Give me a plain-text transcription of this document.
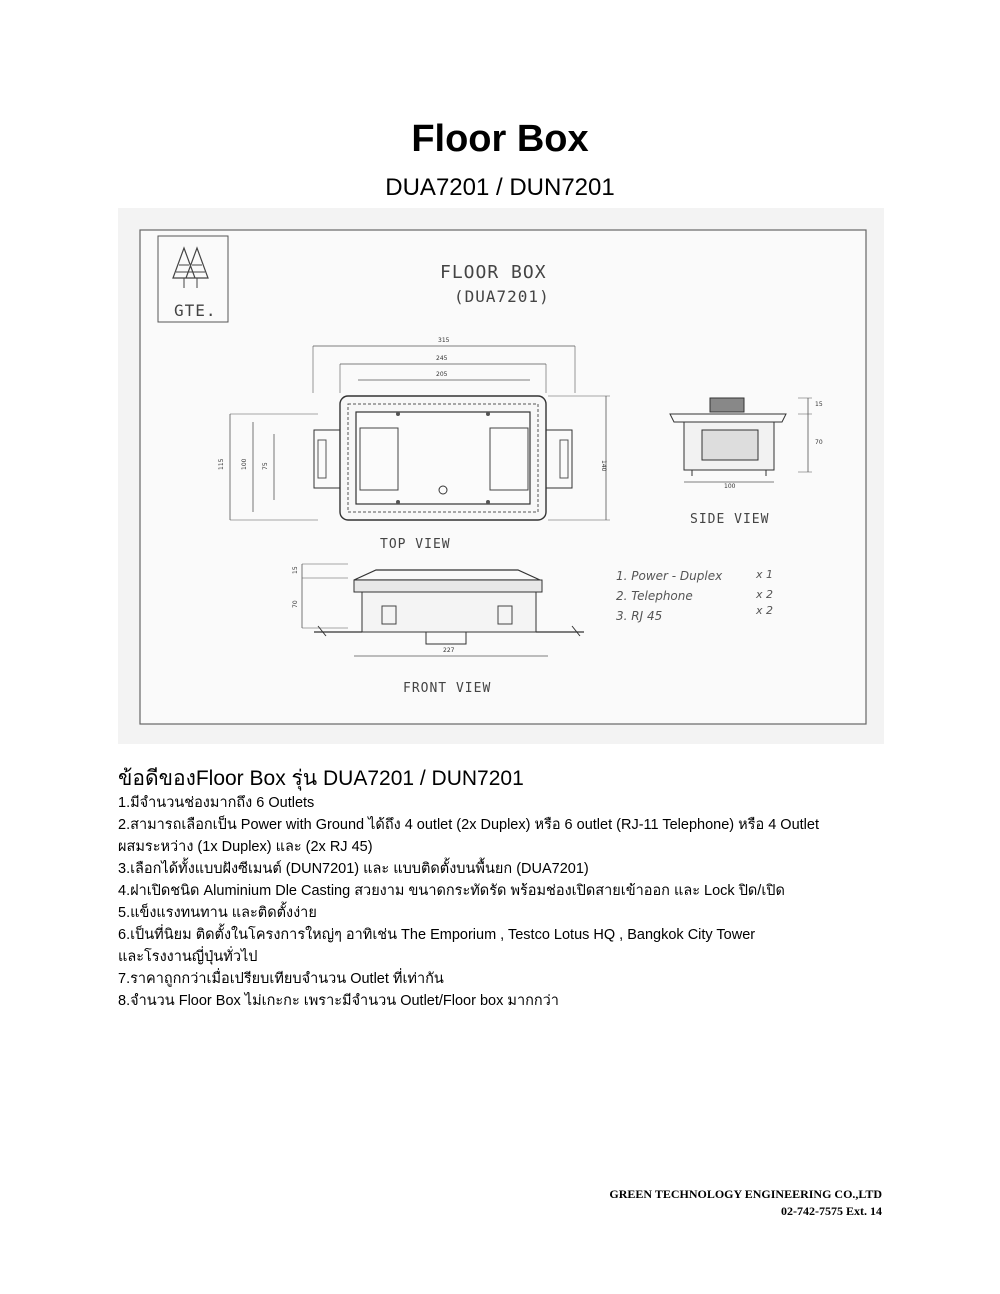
Floor Box
DUA7201 / DUN7201
GTE.
FLOOR BOX
(DUA7201)
315
245
205
115	100 75	140
TOP VIEW
100
15
70
SIDE VIEW
15
70
227
FRONT VIEW
1. Power - Duplex	x 1
2. Telephone	x 2
3. RJ 45	x 2
ข้อดีของFloor Box รุ่น DUA7201 / DUN7201
1.มีจำนวนช่องมากถึง 6 Outlets
2.สามารถเลือกเป็น Power with Ground ได้ถึง 4 outlet (2x Duplex) หรือ 6 outlet (RJ-11 Telephone) หรือ 4 Outlet
ผสมระหว่าง (1x Duplex) และ (2x RJ 45)
3.เลือกได้ทั้งแบบฝังซีเมนต์ (DUN7201) และ แบบติดตั้งบนพื้นยก (DUA7201)
4.ฝาเปิดชนิด Aluminium Dle Casting สวยงาม ขนาดกระทัดรัด พร้อมช่องเปิดสายเข้าออก และ Lock ปิด/เปิด
5.แข็งแรงทนทาน และติดตั้งง่าย
6.เป็นที่นิยม ติดตั้งในโครงการใหญ่ๆ อาทิเช่น The Emporium , Testco Lotus HQ , Bangkok City Tower
และโรงงานญี่ปุ่นทั่วไป
7.ราคาถูกกว่าเมื่อเปรียบเทียบจำนวน Outlet ที่เท่ากัน
8.จำนวน Floor Box ไม่เกะกะ เพราะมีจำนวน Outlet/Floor box มากกว่า
GREEN TECHNOLOGY ENGINEERING CO.,LTD
02-742-7575 Ext. 14
